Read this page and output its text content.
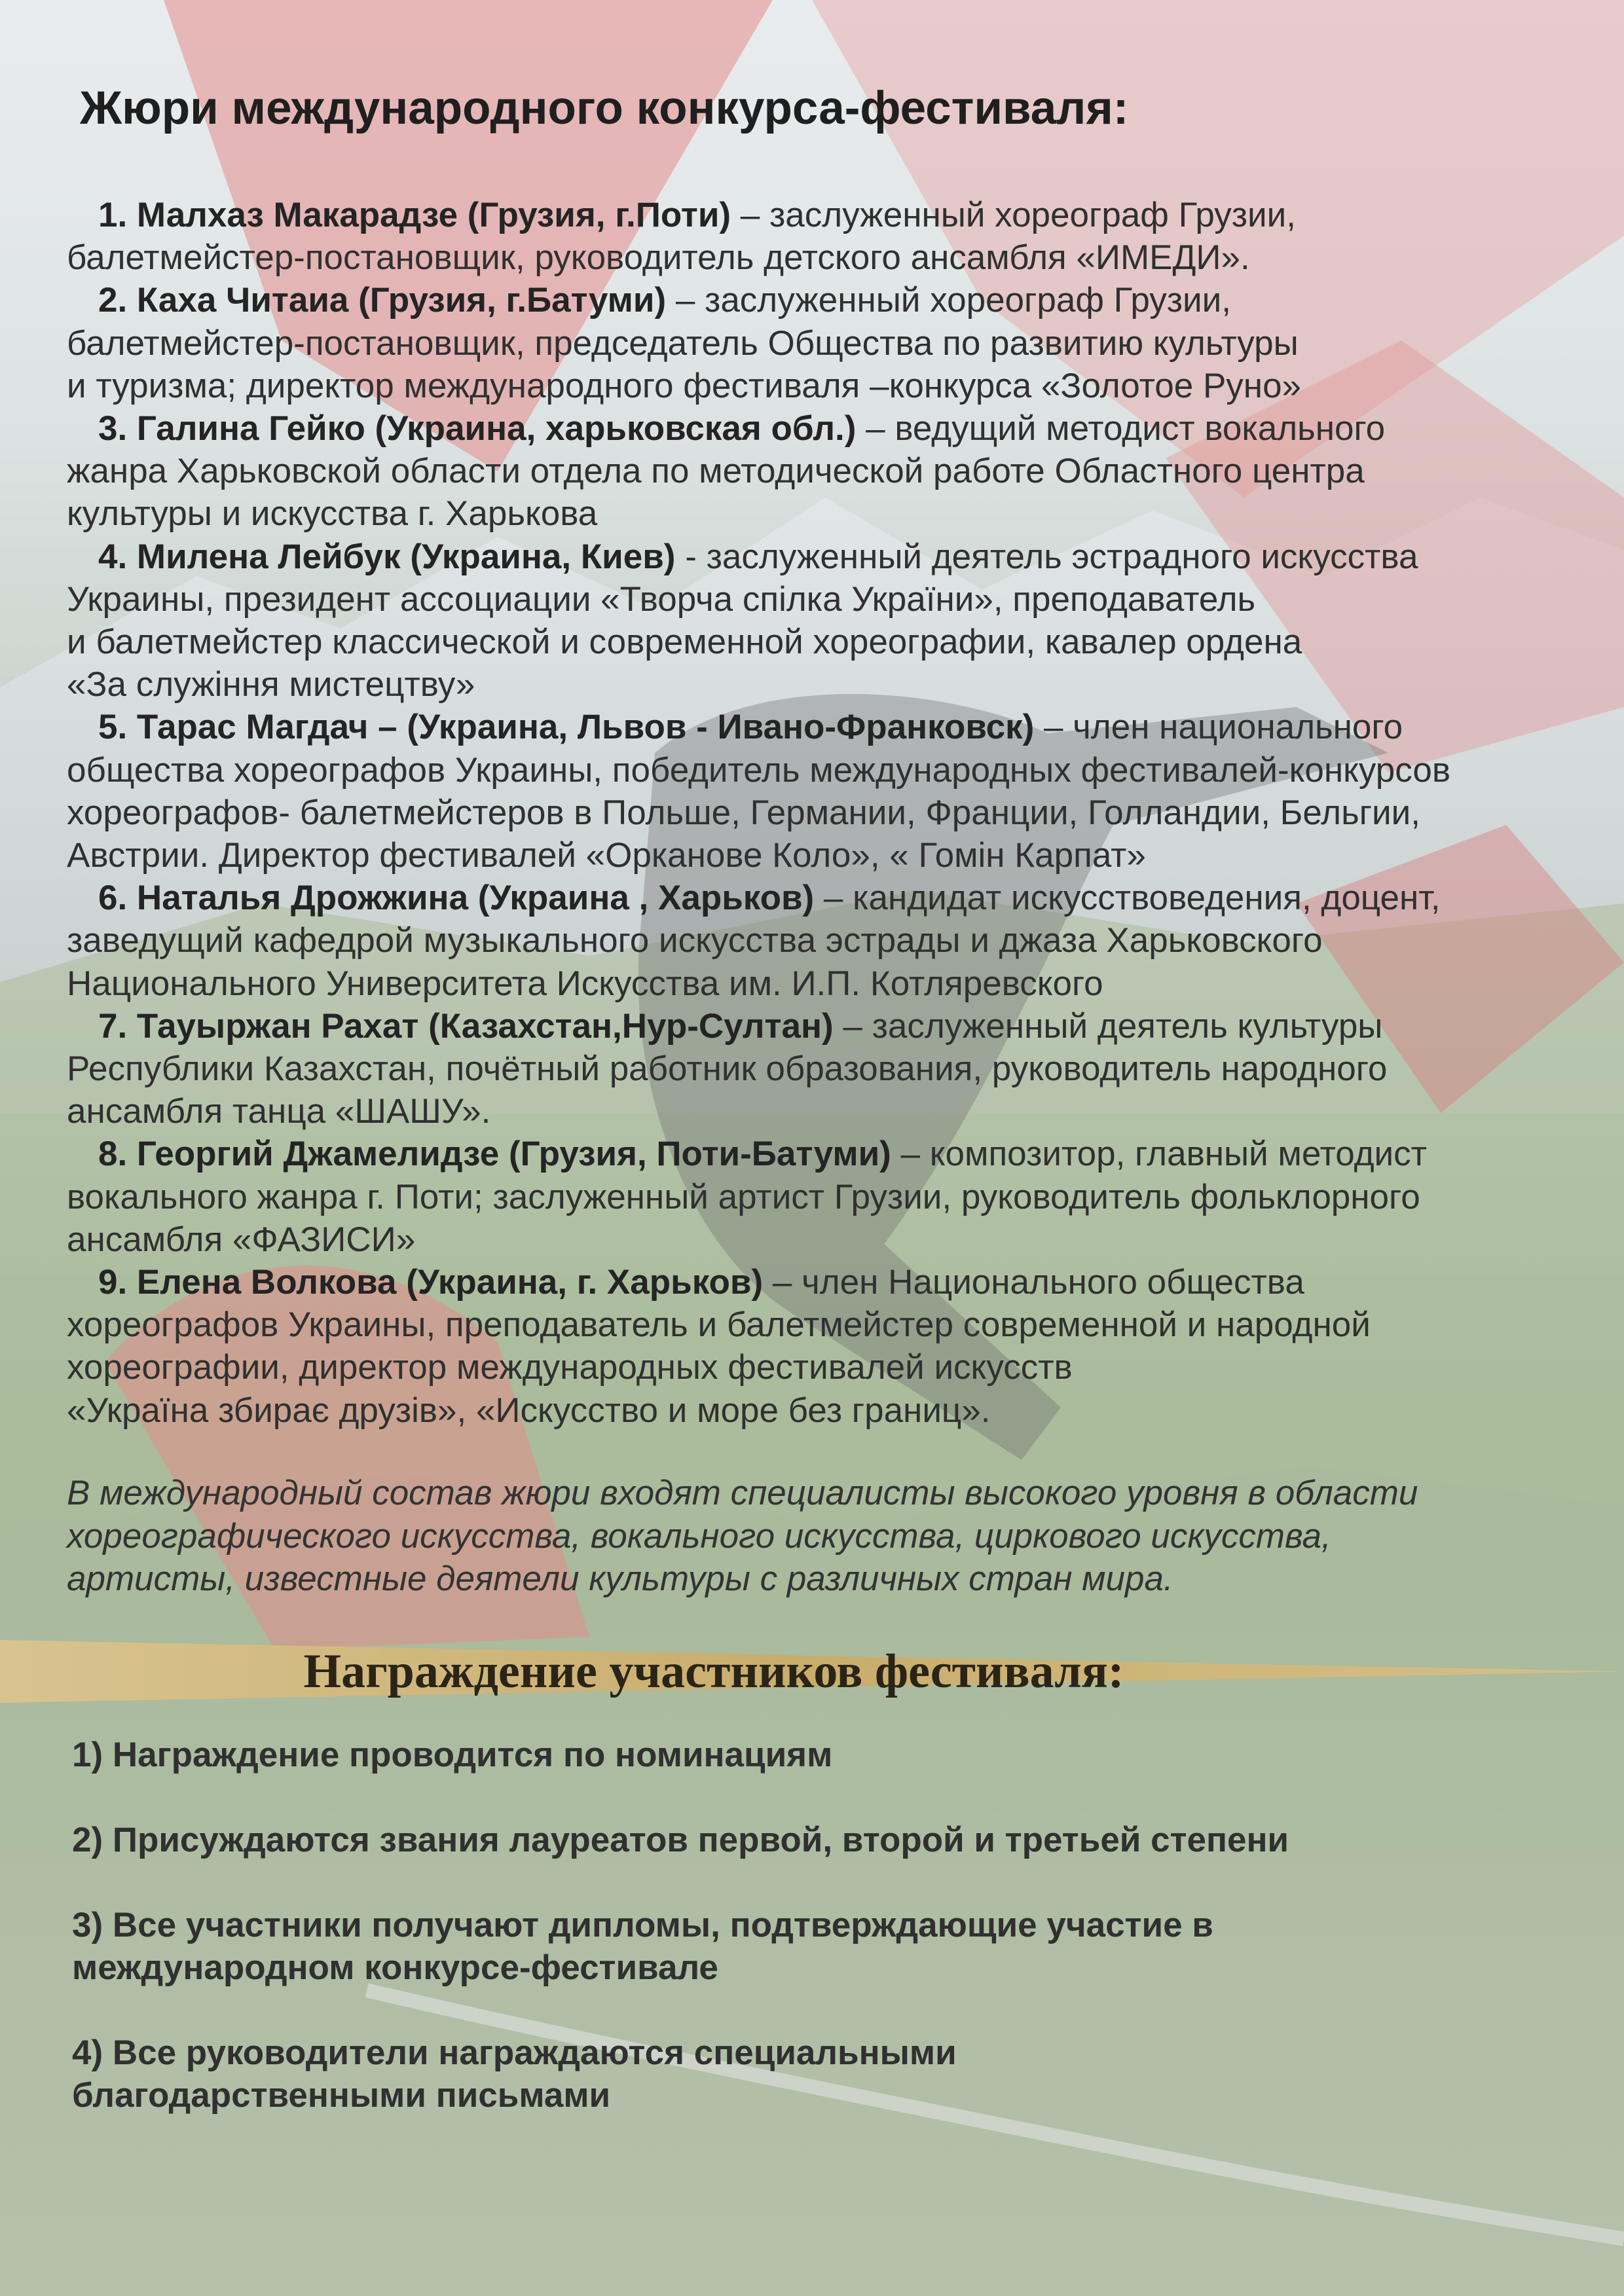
Жюри международного конкурса-фестиваля:
1. Малхаз Макарадзе (Грузия, г.Поти) – заслуженный хореограф Грузии,
балетмейстер-постановщик, руководитель детского ансамбля «ИМЕДИ».
2. Каха Читаиа (Грузия, г.Батуми) – заслуженный хореограф Грузии,
балетмейстер-постановщик, председатель Общества по развитию культуры
и туризма; директор международного фестиваля –конкурса «Золотое Руно»
3. Галина Гейко (Украина, харьковская обл.) – ведущий методист вокального
жанра Харьковской области отдела по методической работе Областного центра
культуры и искусства г. Харькова
4. Милена Лейбук (Украина, Киев) - заслуженный деятель эстрадного искусства
Украины, президент ассоциации «Творча спілка України», преподаватель
и балетмейстер классической и современной хореографии, кавалер ордена
«За служіння мистецтву»
5. Тарас Магдач – (Украина, Львов - Ивано-Франковск) – член национального
общества хореографов Украины, победитель международных фестивалей-конкурсов
хореографов- балетмейстеров в Польше, Германии, Франции, Голландии, Бельгии,
Австрии. Директор фестивалей «Орканове Коло», « Гомін Карпат»
6. Наталья Дрожжина (Украина , Харьков) – кандидат искусствоведения, доцент,
заведущий кафедрой музыкального искусства эстрады и джаза Харьковского
Национального Университета Искусства им. И.П. Котляревского
7. Тауыржан Рахат (Казахстан,Нур-Султан) – заслуженный деятель культуры
Республики Казахстан, почётный работник образования, руководитель народного
ансамбля танца «ШАШУ».
8. Георгий Джамелидзе (Грузия, Поти-Батуми) – композитор, главный методист
вокального жанра г. Поти; заслуженный артист Грузии, руководитель фольклорного
ансамбля «ФАЗИСИ»
9. Елена Волкова (Украина, г. Харьков) – член Национального общества
хореографов Украины, преподаватель и балетмейстер современной и народной
хореографии, директор международных фестивалей искусств
«Україна збирає друзів», «Искусство и море без границ».
В международный состав жюри входят специалисты высокого уровня в области
хореографического искусства, вокального искусства, циркового искусства,
артисты, известные деятели культуры с различных стран мира.
Награждение участников фестиваля:
1) Награждение проводится по номинациям
2) Присуждаются звания лауреатов первой, второй и третьей степени
3) Все участники получают дипломы, подтверждающие участие в
международном конкурсе-фестивале
4) Все руководители награждаются специальными
благодарственными письмами
